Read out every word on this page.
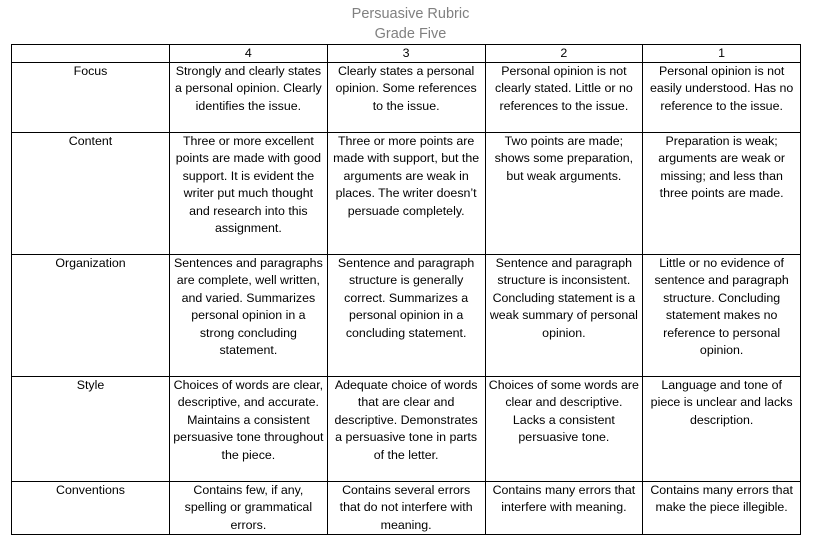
Persuasive Rubric
Grade Five
	4	3	2	1
Focus	Strongly and clearly states a personal opinion. Clearly identifies the issue.	Clearly states a personal opinion. Some references to the issue.	Personal opinion is not clearly stated. Little or no references to the issue.	Personal opinion is not easily understood. Has no reference to the issue.
Content	Three or more excellent points are made with good support. It is evident the writer put much thought and research into this assignment.	Three or more points are made with support, but the arguments are weak in places. The writer doesn’t persuade completely.	Two points are made; shows some preparation, but weak arguments.	Preparation is weak; arguments are weak or missing; and less than three points are made.
Organization	Sentences and paragraphs are complete, well written, and varied. Summarizes personal opinion in a strong concluding statement.	Sentence and paragraph structure is generally correct. Summarizes a personal opinion in a concluding statement.	Sentence and paragraph structure is inconsistent. Concluding statement is a weak summary of personal opinion.	Little or no evidence of sentence and paragraph structure. Concluding statement makes no reference to personal opinion.
Style	Choices of words are clear, descriptive, and accurate. Maintains a consistent persuasive tone throughout the piece.	Adequate choice of words that are clear and descriptive. Demonstrates a persuasive tone in parts of the letter.	Choices of some words are clear and descriptive. Lacks a consistent persuasive tone.	Language and tone of piece is unclear and lacks description.
Conventions	Contains few, if any, spelling or grammatical errors.	Contains several errors that do not interfere with meaning.	Contains many errors that interfere with meaning.	Contains many errors that make the piece illegible.
